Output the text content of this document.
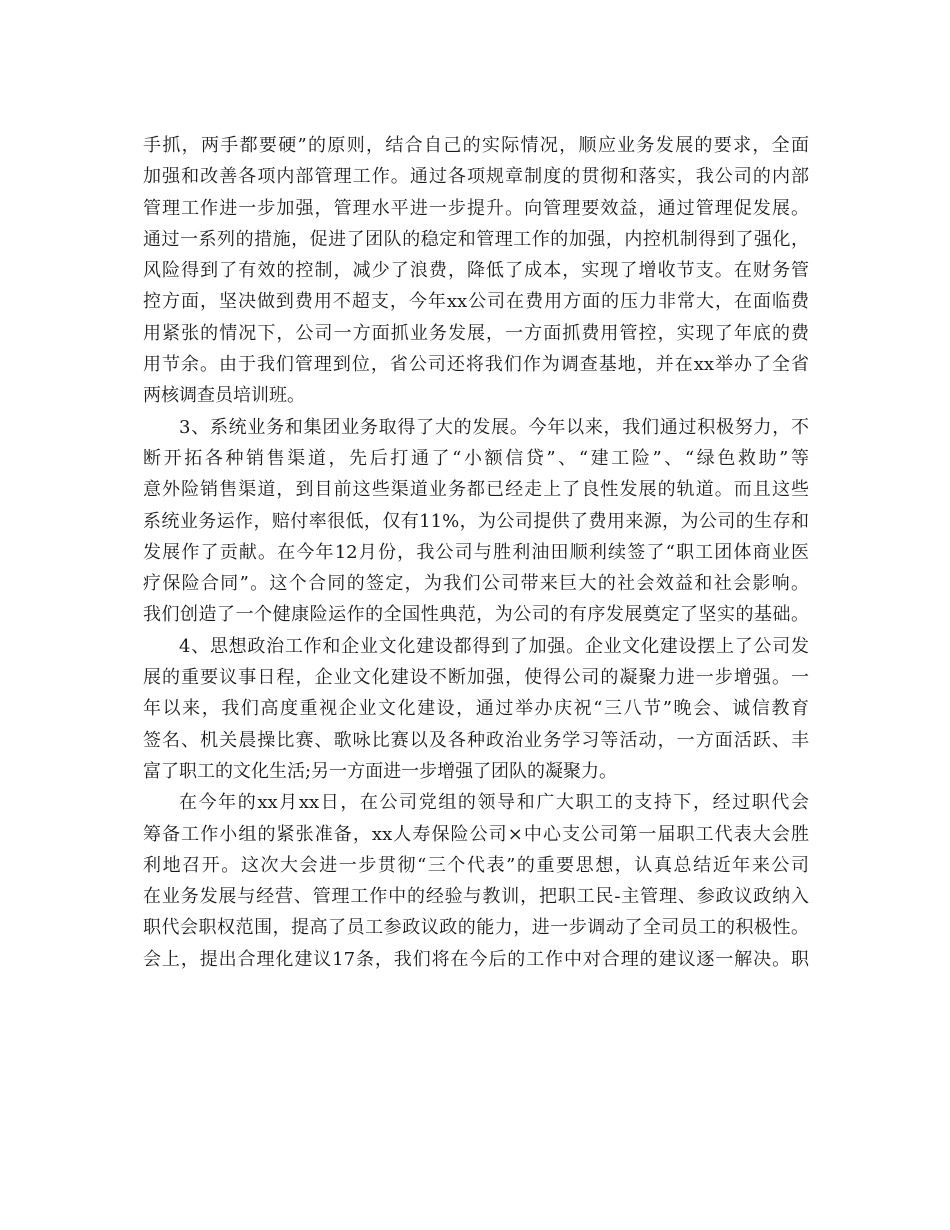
手抓，两手都要硬”的原则，结合自己的实际情况，顺应业务发展的要求，全面
加强和改善各项内部管理工作。通过各项规章制度的贯彻和落实，我公司的内部
管理工作进一步加强，管理水平进一步提升。向管理要效益，通过管理促发展。
通过一系列的措施，促进了团队的稳定和管理工作的加强，内控机制得到了强化，
风险得到了有效的控制，减少了浪费，降低了成本，实现了增收节支。在财务管
控方面，坚决做到费用不超支，今年xx公司在费用方面的压力非常大，在面临费
用紧张的情况下，公司一方面抓业务发展，一方面抓费用管控，实现了年底的费
用节余。由于我们管理到位，省公司还将我们作为调查基地，并在xx举办了全省
两核调查员培训班。

3、系统业务和集团业务取得了大的发展。今年以来，我们通过积极努力，不
断开拓各种销售渠道，先后打通了“小额信贷”、“建工险”、“绿色救助”等
意外险销售渠道，到目前这些渠道业务都已经走上了良性发展的轨道。而且这些
系统业务运作，赔付率很低，仅有11%，为公司提供了费用来源，为公司的生存和
发展作了贡献。在今年12月份，我公司与胜利油田顺利续签了“职工团体商业医
疗保险合同”。这个合同的签定，为我们公司带来巨大的社会效益和社会影响。
我们创造了一个健康险运作的全国性典范，为公司的有序发展奠定了坚实的基础。

4、思想政治工作和企业文化建设都得到了加强。企业文化建设摆上了公司发
展的重要议事日程，企业文化建设不断加强，使得公司的凝聚力进一步增强。一
年以来，我们高度重视企业文化建设，通过举办庆祝“三八节”晚会、诚信教育
签名、机关晨操比赛、歌咏比赛以及各种政治业务学习等活动，一方面活跃、丰
富了职工的文化生活;另一方面进一步增强了团队的凝聚力。

在今年的xx月xx日，在公司党组的领导和广大职工的支持下，经过职代会
筹备工作小组的紧张准备，xx人寿保险公司×中心支公司第一届职工代表大会胜
利地召开。这次大会进一步贯彻“三个代表”的重要思想，认真总结近年来公司
在业务发展与经营、管理工作中的经验与教训，把职工民-主管理、参政议政纳入
职代会职权范围，提高了员工参政议政的能力，进一步调动了全司员工的积极性。
会上，提出合理化建议17条，我们将在今后的工作中对合理的建议逐一解决。职
